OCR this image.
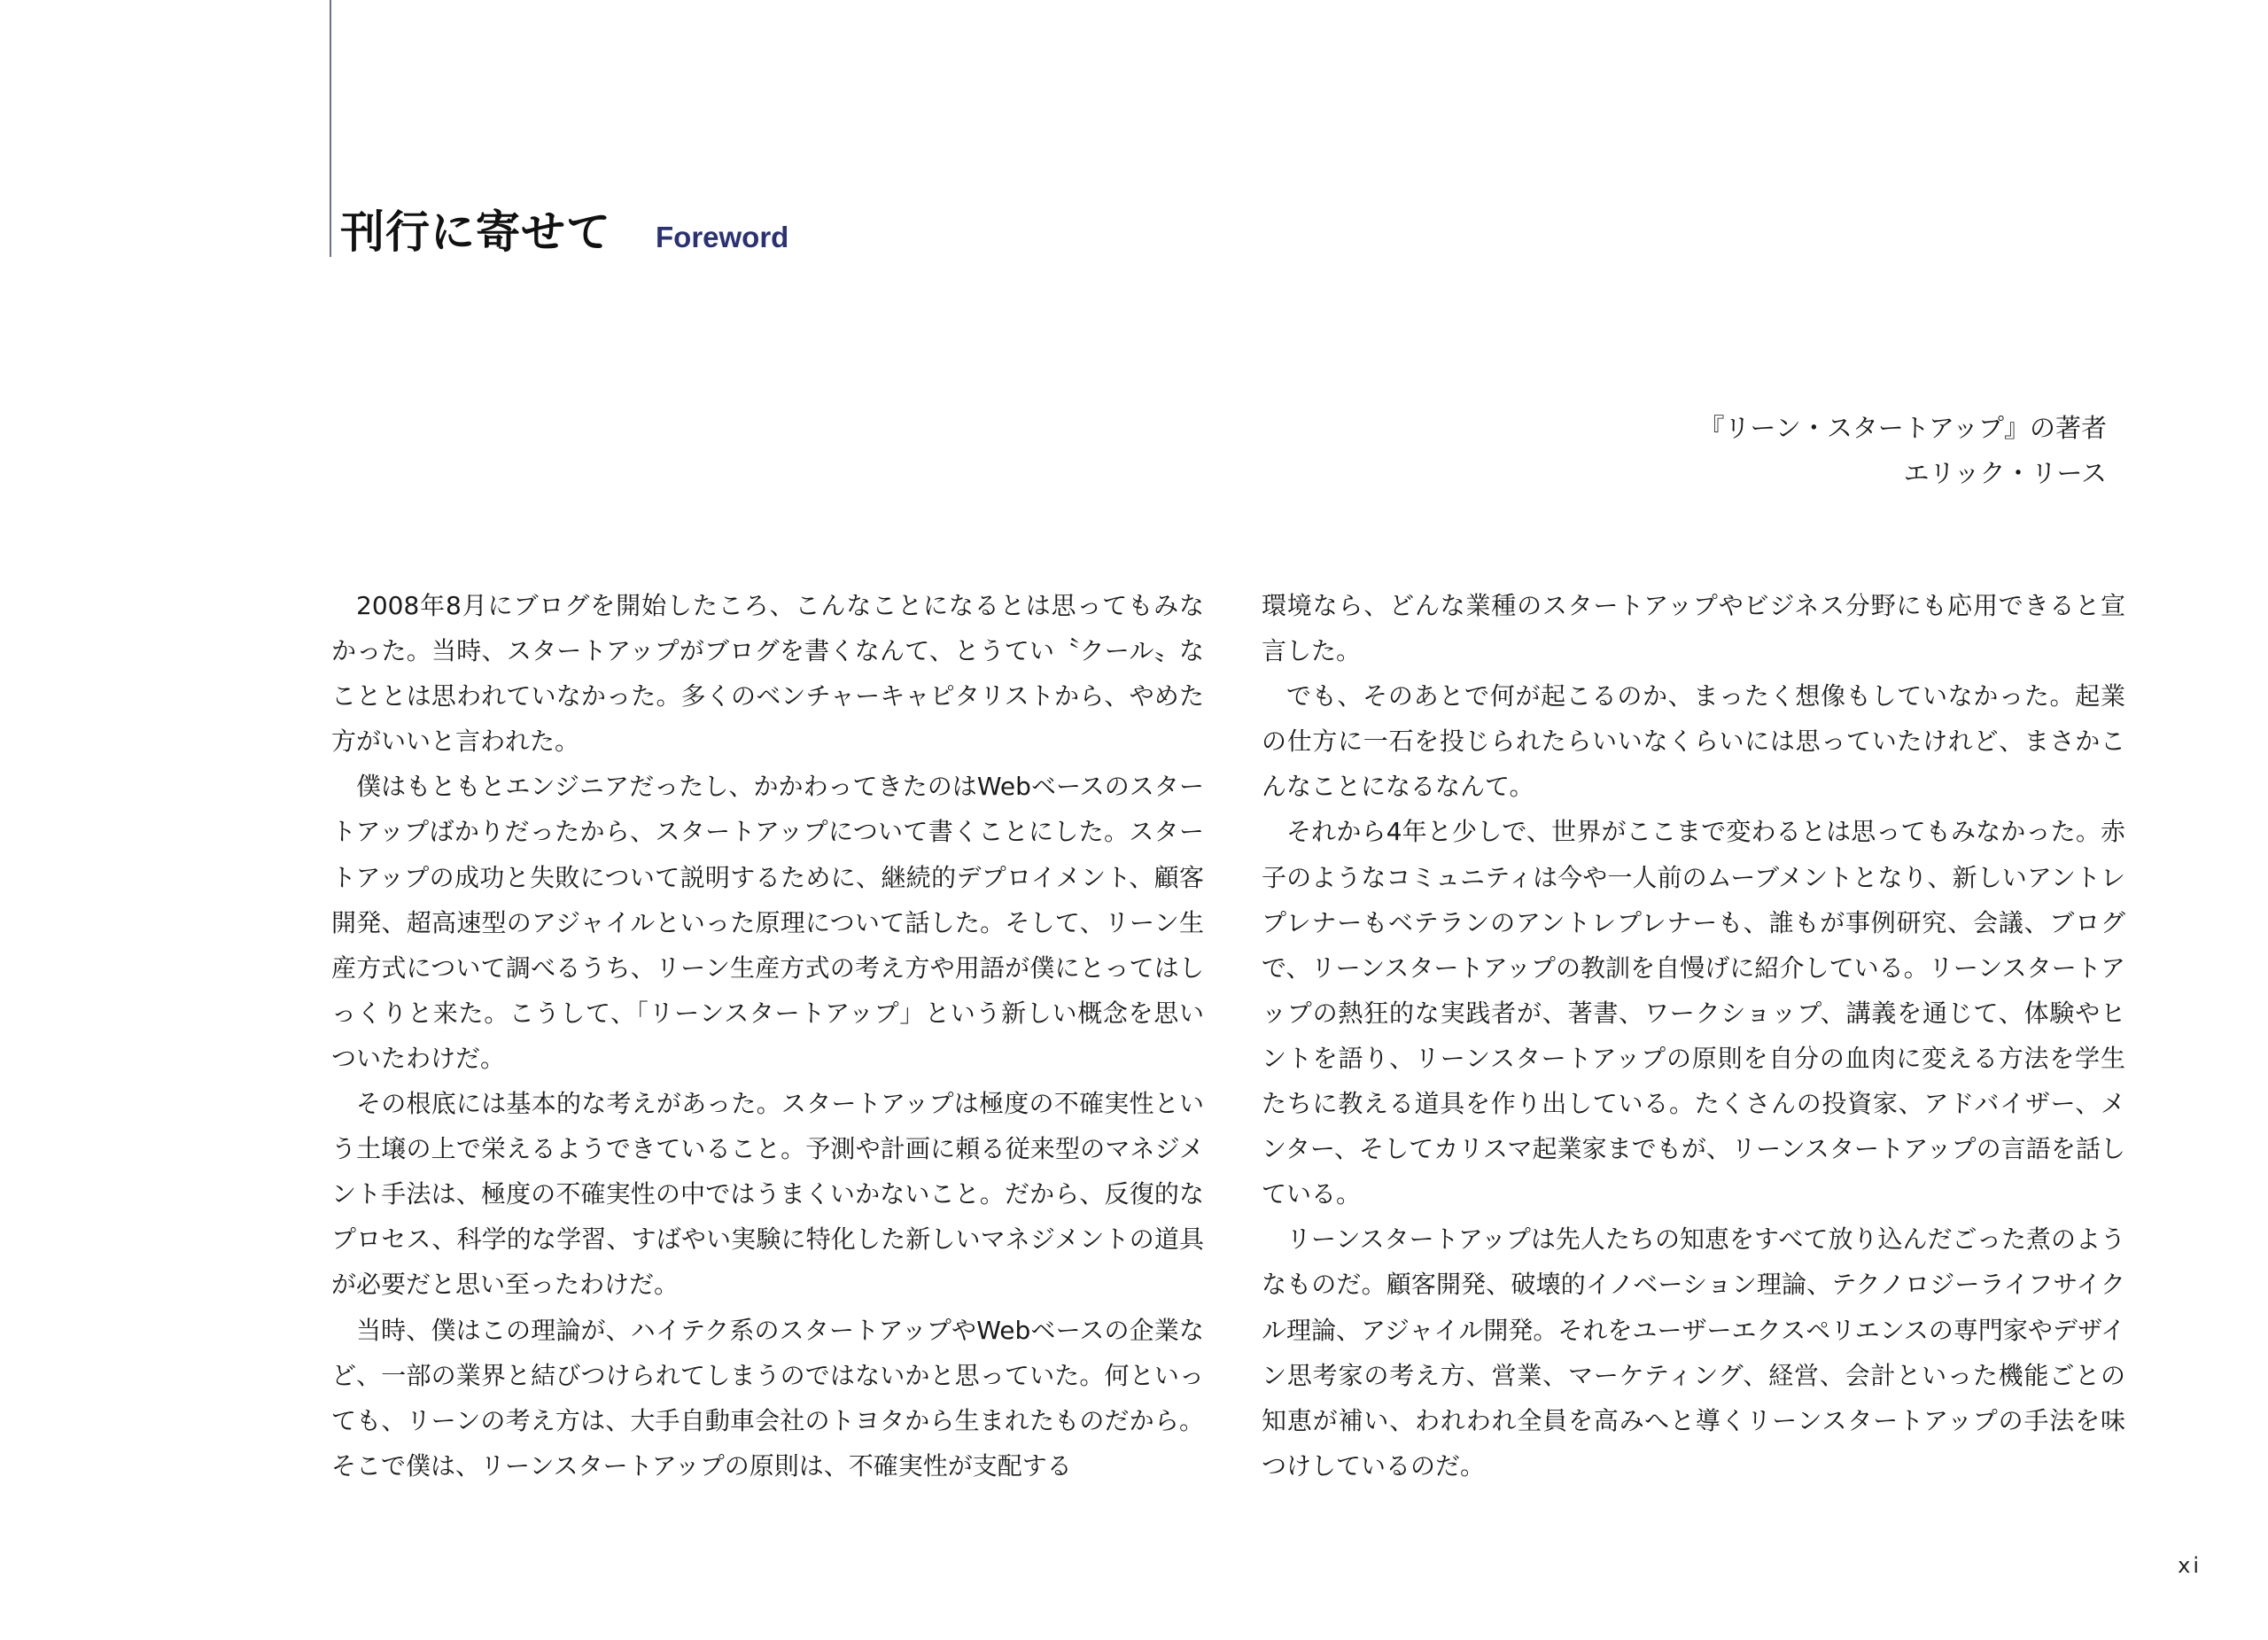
刊行に寄せて Foreword
『リーン・スタートアップ』の著者
エリック・リース

2008年8月にブログを開始したころ、こんなことになるとは思ってもみなかった。当時、スタートアップがブログを書くなんて、とうてい〝クール〟なこととは思われていなかった。多くのベンチャーキャピタリストから、やめた方がいいと言われた。

僕はもともとエンジニアだったし、かかわってきたのはWebベースのスタートアップばかりだったから、スタートアップについて書くことにした。スタートアップの成功と失敗について説明するために、継続的デプロイメント、顧客開発、超高速型のアジャイルといった原理について話した。そして、リーン生産方式について調べるうち、リーン生産方式の考え方や用語が僕にとってはしっくりと来た。こうして、「リーンスタートアップ」という新しい概念を思いついたわけだ。

その根底には基本的な考えがあった。スタートアップは極度の不確実性という土壌の上で栄えるようできていること。予測や計画に頼る従来型のマネジメント手法は、極度の不確実性の中ではうまくいかないこと。だから、反復的なプロセス、科学的な学習、すばやい実験に特化した新しいマネジメントの道具が必要だと思い至ったわけだ。

当時、僕はこの理論が、ハイテク系のスタートアップやWebベースの企業など、一部の業界と結びつけられてしまうのではないかと思っていた。何といっても、リーンの考え方は、大手自動車会社のトヨタから生まれたものだから。そこで僕は、リーンスタートアップの原則は、不確実性が支配する

環境なら、どんな業種のスタートアップやビジネス分野にも応用できると宣言した。

でも、そのあとで何が起こるのか、まったく想像もしていなかった。起業の仕方に一石を投じられたらいいなくらいには思っていたけれど、まさかこんなことになるなんて。

それから4年と少しで、世界がここまで変わるとは思ってもみなかった。赤子のようなコミュニティは今や一人前のムーブメントとなり、新しいアントレプレナーもベテランのアントレプレナーも、誰もが事例研究、会議、ブログで、リーンスタートアップの教訓を自慢げに紹介している。リーンスタートアップの熱狂的な実践者が、著書、ワークショップ、講義を通じて、体験やヒントを語り、リーンスタートアップの原則を自分の血肉に変える方法を学生たちに教える道具を作り出している。たくさんの投資家、アドバイザー、メンター、そしてカリスマ起業家までもが、リーンスタートアップの言語を話している。

リーンスタートアップは先人たちの知恵をすべて放り込んだごった煮のようなものだ。顧客開発、破壊的イノベーション理論、テクノロジーライフサイクル理論、アジャイル開発。それをユーザーエクスペリエンスの専門家やデザイン思考家の考え方、営業、マーケティング、経営、会計といった機能ごとの知恵が補い、われわれ全員を高みへと導くリーンスタートアップの手法を味つけしているのだ。

xi
